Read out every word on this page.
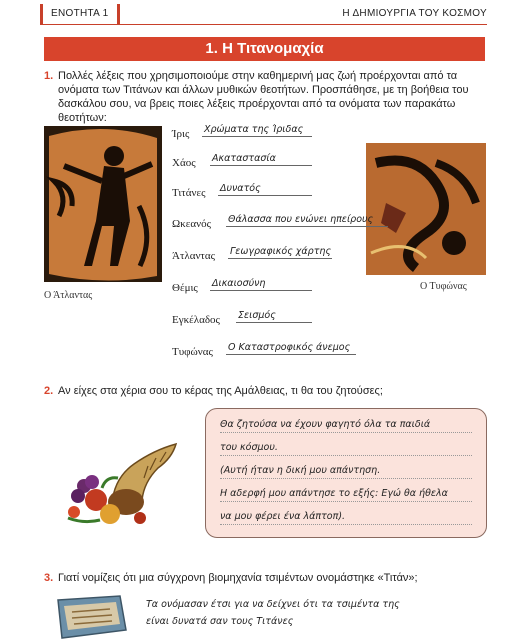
ΕΝΟΤΗΤΑ 1	Η ΔΗΜΙΟΥΡΓΙΑ ΤΟΥ ΚΟΣΜΟΥ
1. Η Τιτανομαχία
1. Πολλές λέξεις που χρησιμοποιούμε στην καθημερινή μας ζωή προέρχονται από τα ονόματα των Τιτάνων και άλλων μυθικών θεοτήτων. Προσπάθησε, με τη βοήθεια του δασκάλου σου, να βρεις ποιες λέξεις προέρχονται από τα ονόματα των παρακάτω θεοτήτων:
Ο Άτλαντας
Ο Τυφώνας
Ίρις Χρώματα της Ίριδας
Χάος Ακαταστασία
Τιτάνες Δυνατός
Ωκεανός Θάλασσα που ενώνει ηπείρους
Άτλαντας Γεωγραφικός χάρτης
Θέμις Δικαιοσύνη
Εγκέλαδος Σεισμός
Τυφώνας Ο Καταστροφικός άνεμος
2. Αν είχες στα χέρια σου το κέρας της Αμάλθειας, τι θα του ζητούσες;
Θα ζητούσα να έχουν φαγητό όλα τα παιδιά
του κόσμου.
(Αυτή ήταν η δική μου απάντηση.
Η αδερφή μου απάντησε το εξής: Εγώ θα ήθελα
να μου φέρει ένα λάπτοπ).
3. Γιατί νομίζεις ότι μια σύγχρονη βιομηχανία τσιμέντων ονομάστηκε «Τιτάν»;
Τα ονόμασαν έτσι για να δείχνει ότι τα τσιμέντα της
είναι δυνατά σαν τους Τιτάνες
